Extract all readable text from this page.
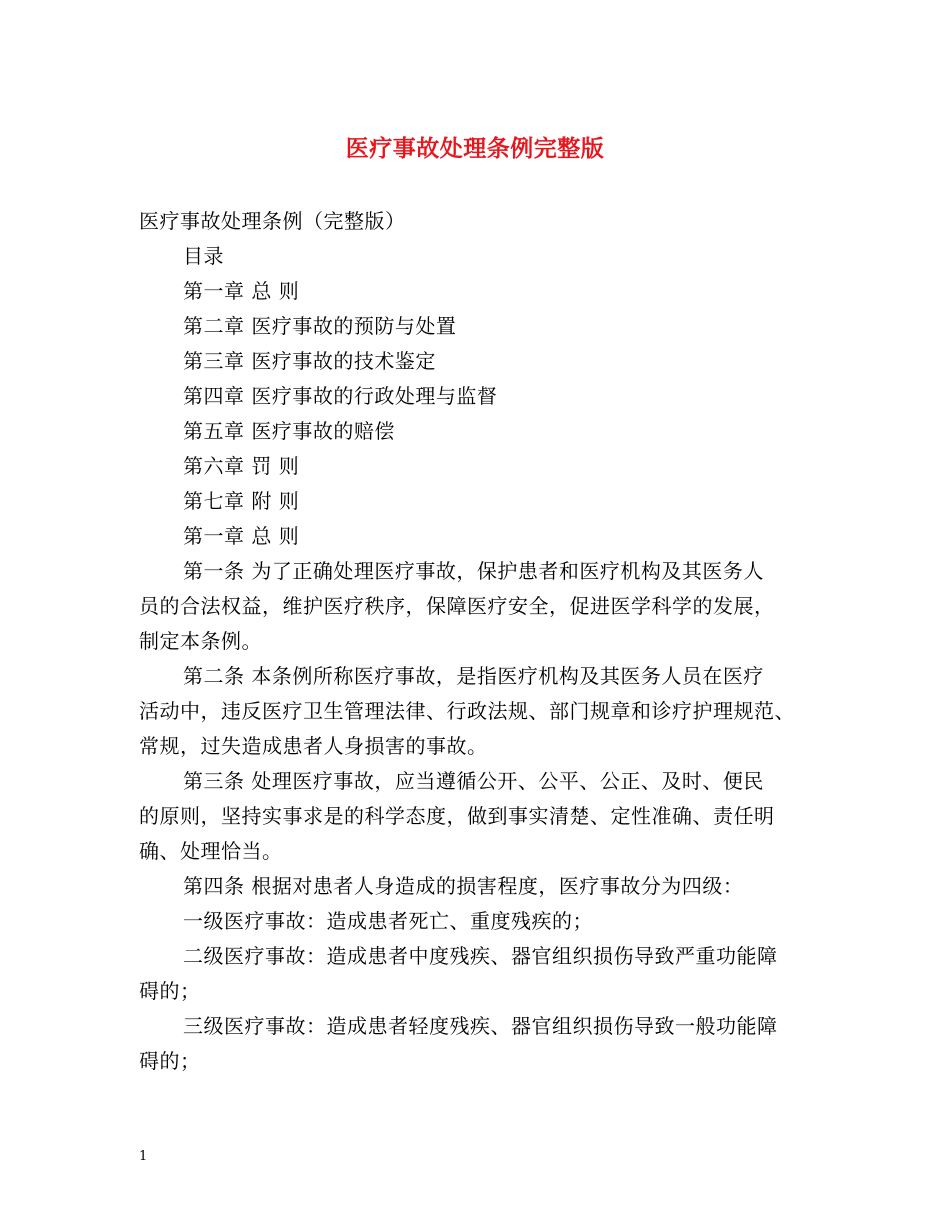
医疗事故处理条例完整版
医疗事故处理条例（完整版）
目录
第一章 总 则
第二章 医疗事故的预防与处置
第三章 医疗事故的技术鉴定
第四章 医疗事故的行政处理与监督
第五章 医疗事故的赔偿
第六章 罚 则
第七章 附 则
第一章 总 则
第一条 为了正确处理医疗事故，保护患者和医疗机构及其医务人
员的合法权益，维护医疗秩序，保障医疗安全，促进医学科学的发展，
制定本条例。
第二条 本条例所称医疗事故，是指医疗机构及其医务人员在医疗
活动中，违反医疗卫生管理法律、行政法规、部门规章和诊疗护理规范、
常规，过失造成患者人身损害的事故。
第三条 处理医疗事故，应当遵循公开、公平、公正、及时、便民
的原则，坚持实事求是的科学态度，做到事实清楚、定性准确、责任明
确、处理恰当。
第四条 根据对患者人身造成的损害程度，医疗事故分为四级：
一级医疗事故：造成患者死亡、重度残疾的；
二级医疗事故：造成患者中度残疾、器官组织损伤导致严重功能障
碍的；
三级医疗事故：造成患者轻度残疾、器官组织损伤导致一般功能障
碍的；
1
